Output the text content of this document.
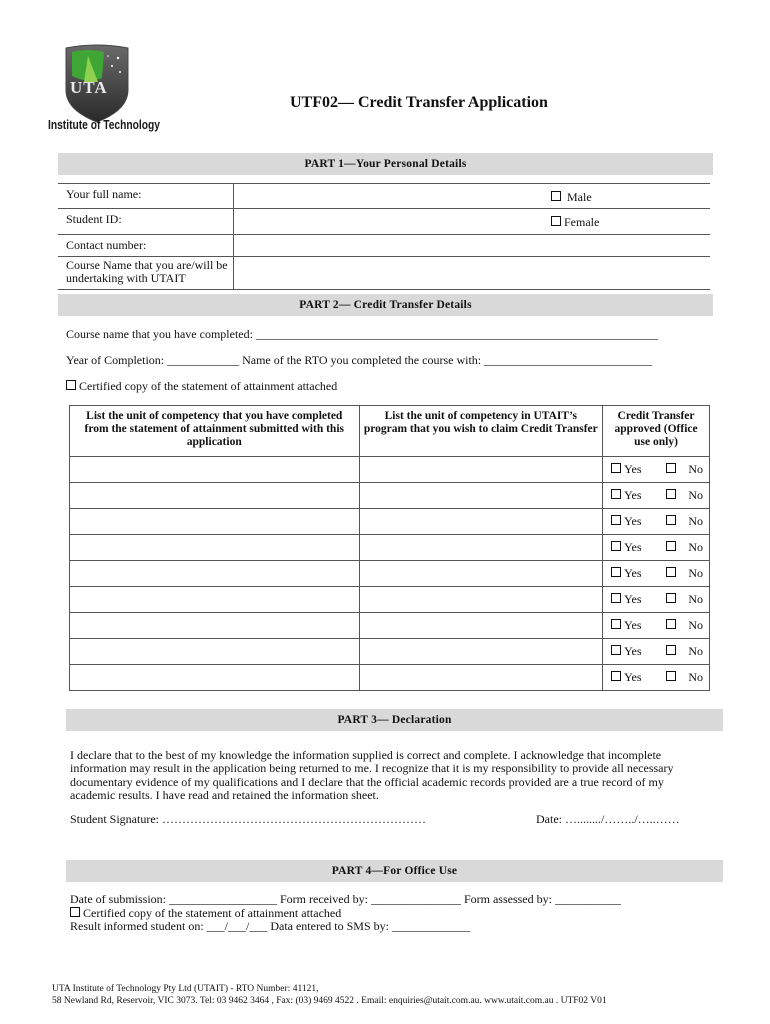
UTA
Institute of Technology
UTF02— Credit Transfer Application
PART 1—Your Personal Details
Your full name:
Student ID:
Contact number:
Course Name that you are/will be undertaking with UTAIT
Male
Female
PART 2— Credit Transfer Details
Course name that you have completed: ___________________________________________________________________
Year of Completion: ____________ Name of the RTO you completed the course with: ____________________________
Certified copy of the statement of attainment attached
List the unit of competency that you have completed from the statement of attainment submitted with this application	List the unit of competency in UTAIT’s program that you wish to claim Credit Transfer	Credit Transfer approved (Office use only)

		Yes No

		Yes No

		Yes No

		Yes No

		Yes No

		Yes No

		Yes No

		Yes No

		Yes No
PART 3— Declaration
I declare that to the best of my knowledge the information supplied is correct and complete. I acknowledge that incomplete information may result in the application being returned to me. I recognize that it is my responsibility to provide all necessary documentary evidence of my qualifications and I declare that the official academic records provided are a true record of my academic results. I have read and retained the information sheet.
Student Signature: …………………………………………………………	Date: …......../……../…..……
PART 4—For Office Use
Date of submission: __________________ Form received by: _______________ Form assessed by: ___________
Certified copy of the statement of attainment attached
Result informed student on: ___/___/___ Data entered to SMS by: _____________
UTA Institute of Technology Pty Ltd (UTAIT) - RTO Number: 41121,
58 Newland Rd, Reservoir, VIC 3073. Tel: 03 9462 3464 , Fax: (03) 9469 4522 . Email: enquiries@utait.com.au. www.utait.com.au . UTF02 V01
